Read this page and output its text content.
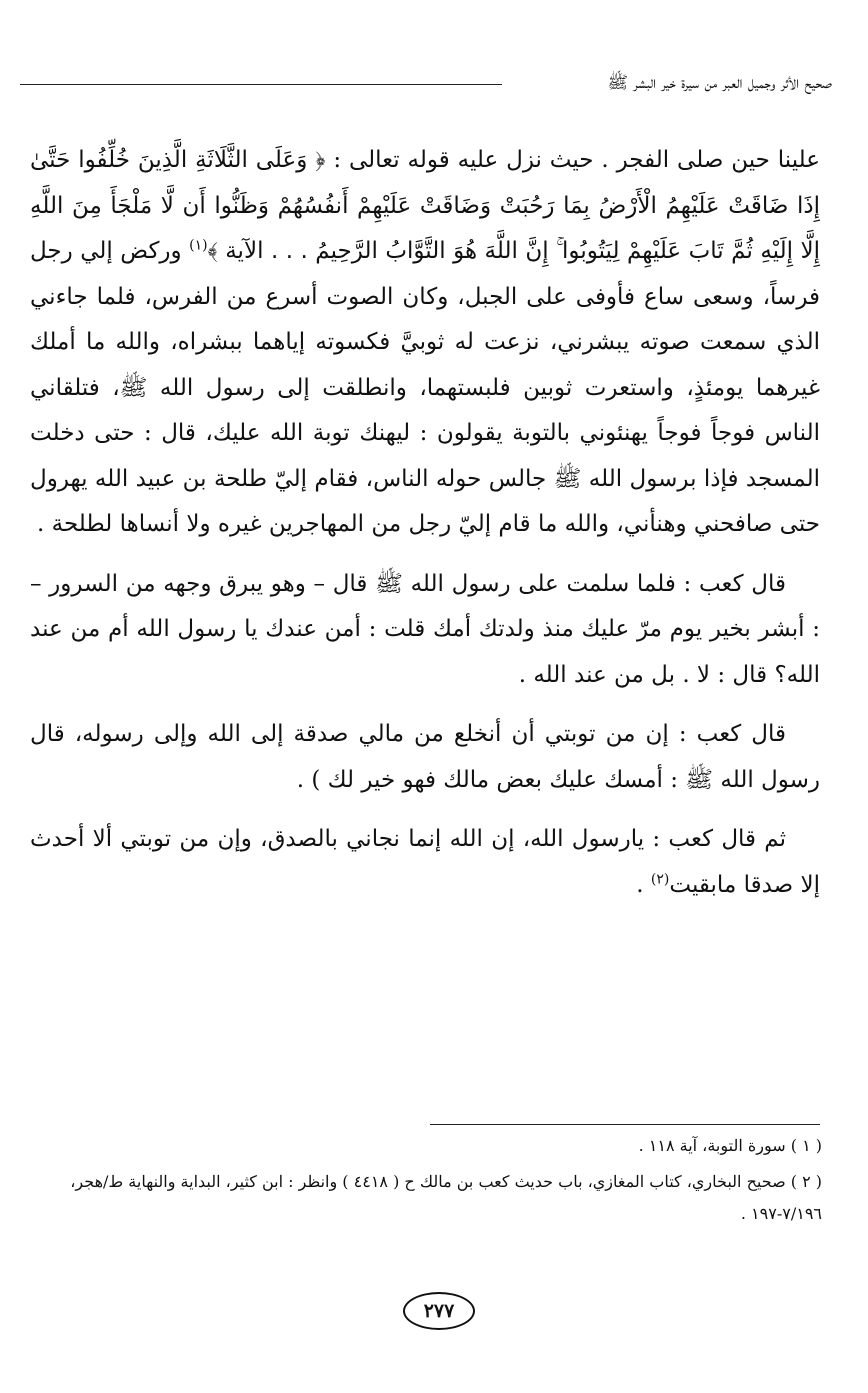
صحيح الأثر وجميل العبر من سيرة خير البشر ﷺ

علينا حين صلى الفجر . حيث نزل عليه قوله تعالى : ﴿ وَعَلَى الثَّلَاثَةِ الَّذِينَ خُلِّفُوا حَتَّىٰ إِذَا ضَاقَتْ عَلَيْهِمُ الْأَرْضُ بِمَا رَحُبَتْ وَضَاقَتْ عَلَيْهِمْ أَنفُسُهُمْ وَظَنُّوا أَن لَّا مَلْجَأَ مِنَ اللَّهِ إِلَّا إِلَيْهِ ثُمَّ تَابَ عَلَيْهِمْ لِيَتُوبُوا ۚ إِنَّ اللَّهَ هُوَ التَّوَّابُ الرَّحِيمُ . . . الآية ﴾$^{(١)}$ وركض إلي رجل فرساً، وسعى ساع فأوفى على الجبل، وكان الصوت أسرع من الفرس، فلما جاءني الذي سمعت صوته يبشرني، نزعت له ثوبيَّ فكسوته إياهما ببشراه، والله ما أملك غيرهما يومئذٍ، واستعرت ثوبين فلبستهما، وانطلقت إلى رسول الله ﷺ، فتلقاني الناس فوجاً فوجاً يهنئوني بالتوبة يقولون : ليهنك توبة الله عليك، قال : حتى دخلت المسجد فإذا برسول الله ﷺ جالس حوله الناس، فقام إليّ طلحة بن عبيد الله يهرول حتى صافحني وهنأني، والله ما قام إليّ رجل من المهاجرين غيره ولا أنساها لطلحة .

قال كعب : فلما سلمت على رسول الله ﷺ قال – وهو يبرق وجهه من السرور – : أبشر بخير يوم مرّ عليك منذ ولدتك أمك قلت : أمن عندك يا رسول الله أم من عند الله؟ قال : لا . بل من عند الله .

قال كعب : إن من توبتي أن أنخلع من مالي صدقة إلى الله وإلى رسوله، قال رسول الله ﷺ : أمسك عليك بعض مالك فهو خير لك ) .

ثم قال كعب : يارسول الله، إن الله إنما نجاني بالصدق، وإن من توبتي ألا أحدث إلا صدقا مابقيت$^{(٢)}$ .

( ١ ) سورة التوبة، آية ١١٨ .

( ٢ ) صحيح البخاري، كتاب المغازي، باب حديث كعب بن مالك ح ( ٤٤١٨ ) وانظر : ابن كثير، البداية والنهاية ط/هجر، ٧/١٩٦-١٩٧ .

٢٧٧
